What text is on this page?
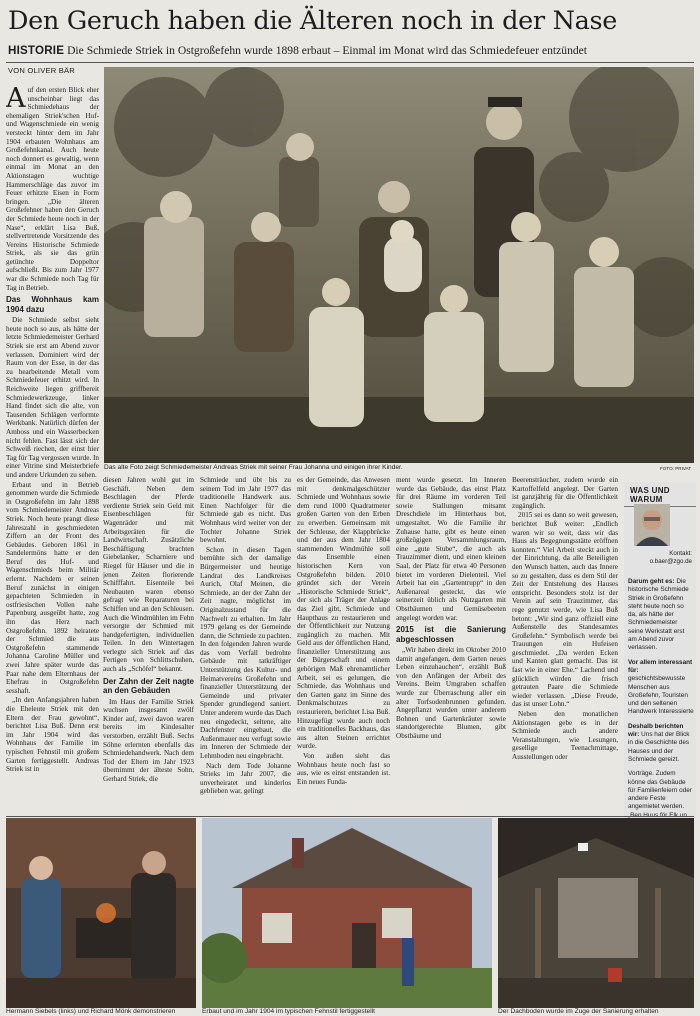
Den Geruch haben die Älteren noch in der Nase
HISTORIE Die Schmiede Striek in Ostgroßefehn wurde 1898 erbaut – Einmal im Monat wird das Schmiedefeuer entzündet
VON OLIVER BÄR

A uf den ersten Blick eher unscheinbar liegt das Schmiedehaus der ehemaligen Striek'schen Huf- und Wagenschmiede ein wenig versteckt hinter dem im Jahr 1904 erbauten Wohnhaus am Großefehnkanal. Auch heute noch donnert es gewaltig, wenn einmal im Monat an den Aktionstagen wuchtige Hammerschläge das zuvor im Feuer erhitzte Eisen in Form bringen. „Die älteren Großefehner haben den Geruch der Schmiede heute noch in der Nase“, erklärt Lisa Buß, stellvertretende Vorsitzende des Vereins Historische Schmiede Striek, als sie das grün getünchte Doppeltor aufschließt. Bis zum Jahr 1977 war die Schmiede noch Tag für Tag in Betrieb.

Das Wohnhaus kam 1904 dazu

Die Schmiede selbst sieht heute noch so aus, als hätte der letzte Schmiedemeister Gerhard Striek sie erst am Abend zuvor verlassen. Dominiert wird der Raum von der Esse, in der das zu bearbeitende Metall vom Schmiedefeuer erhitzt wird. In Reichweite liegen griffbereit Schmiedewerkzeuge, linker Hand findet sich die alte, von Tausenden Schlägen verformte Werkbank. Natürlich dürfen der Amboss und ein Wasserbecken nicht fehlen. Fast lässt sich der Schweiß riechen, der einst hier Tag für Tag vergossen wurde. In einer Vitrine sind Meisterbriefe und andere Urkunden zu sehen.

Erbaut und in Betrieb genommen wurde die Schmiede in Ostgroßefehn im Jahr 1898 vom Schmiedemeister Andreas Striek. Noch heute prangt diese Jahreszahl in geschmiedeten Ziffern an der Front des Gebäudes. Geboren 1861 in Sandelermöns hatte er den Beruf des Huf- und Wagenschmieds beim Militär erlernt. Nachdem er seinen Beruf zunächst in einigen gepachteten Schmieden in ostfriesischen Vollen nahe Papenburg ausgeübt hatte, zog ihn das Herz nach Ostgroßefehn. 1892 heiratete der Schmied die aus Ostgroßefehn stammende Johanna Caroline Müller und zwei Jahre später wurde das Paar nahe dem Elternhaus der Ehefrau in Ostgroßefehn sesshaft.

„In den Anfangsjahren haben die Eheleute Striek mit den Eltern der Frau gewohnt“, berichtet Lisa Buß. Denn erst im Jahr 1904 wird das Wohnhaus der Familie im typischen Fehnstil mit großem Garten fertiggestellt. Andreas Striek ist in

Das alte Foto zeigt Schmiedemeister Andreas Striek mit seiner Frau Johanna und einigen ihrer Kinder.	FOTO: PRIVAT

diesen Jahren wohl gut im Geschäft. Neben dem Beschlagen der Pferde verdiente Striek sein Geld mit Eisenbeschlägen für Wagenräder und mit Arbeitsgeräten für die Landwirtschaft. Zusätzliche Beschäftigung brachten Giebelanker, Scharniere und Riegel für Häuser und die in jenen Zeiten florierende Schifffahrt. Eisenteile bei Neubauten waren ebenso gefragt wie Reparaturen bei Schiffen und an den Schleusen. Auch die Windmühlen im Fehn versorgte der Schmied mit handgefertigten, individuellen Teilen. In den Wintertagen verlegte sich Striek auf das Fertigen von Schlittschuhen, auch als „Schöfel“ bekannt.

Der Zahn der Zeit nagte an den Gebäuden

Im Haus der Familie Striek wuchsen insgesamt zwölf Kinder auf, zwei davon waren bereits im Kindesalter verstorben, erzählt Buß. Sechs Söhne erlernten ebenfalls das Schmiedehandwerk. Nach dem Tod der Eltern im Jahr 1923 übernimmt der älteste Sohn, Gerhard Striek, die

Schmiede und übt bis zu seinem Tod im Jahr 1977 das traditionelle Handwerk aus. Einen Nachfolger für die Schmiede gab es nicht. Das Wohnhaus wird weiter von der Tochter Johanne Striek bewohnt.

Schon in diesen Tagen bemühte sich der damalige Bürgermeister und heutige Landrat des Landkreises Aurich, Olaf Meinen, die Schmiede, an der der Zahn der Zeit nagte, möglichst im Originalzustand für die Nachwelt zu erhalten. Im Jahr 1979 gelang es der Gemeinde dann, die Schmiede zu pachten. In den folgenden Jahren wurde das vom Verfall bedrohte Gebäude mit tatkräftiger Unterstützung des Kultur- und Heimatvereins Großefehn und finanzieller Unterstützung der Gemeinde und privater Spender grundlegend saniert. Unter anderem wurde das Dach neu eingedeckt, seltene, alte Dachfenster eingebaut, die Außenmauer neu verfugt sowie im Inneren der Schmiede der Lehmboden neu eingebracht.

Nach dem Tode Johanne Strieks im Jahr 2007, die unverheiratet und kinderlos geblieben war, gelingt

es der Gemeinde, das Anwesen mit denkmalgeschützter Schmiede und Wohnhaus sowie dem rund 1000 Quadratmeter großen Garten von den Erben zu erwerben. Gemeinsam mit der Schleuse, der Klappbrücke und der aus dem Jahr 1804 stammenden Windmühle soll das Ensemble einen historischen Kern von Ostgroßefehn bilden. 2010 gründet sich der Verein „Historische Schmiede Striek“, der sich als Träger der Anlage das Ziel gibt, Schmiede und Haupthaus zu restaurieren und der Öffentlichkeit zur Nutzung zugänglich zu machen. Mit Geld aus der öffentlichen Hand, finanzieller Unterstützung aus der Bürgerschaft und einem gehörigen Maß ehrenamtlicher Arbeit, sei es gelungen, die Schmiede, das Wohnhaus und den Garten ganz im Sinne des Denkmalschutzes zu restaurieren, berichtet Lisa Buß. Hinzugefügt wurde auch noch ein traditionelles Backhaus, das aus alten Steinen errichtet wurde.

Von außen sieht das Wohnhaus heute noch fast so aus, wie es einst entstanden ist. Ein neues Funda-

ment wurde gesetzt. Im Inneren wurde das Gebäude, das einst Platz für drei Räume im vorderen Teil sowie Stallungen mitsamt Dreschdiele im Hinterhaus bot, umgestaltet. Wo die Familie ihr Zuhause hatte, gibt es heute einen großzügigen Versammlungsraum, eine „gute Stube“, die auch als Trauzimmer dient, und einen kleinen Saal, der Platz für etwa 40 Personen bietet im vorderen Dielenteil. Viel Arbeit hat ein „Gartentrupp“ in den Außenareal gesteckt, das wie seinerzeit üblich als Nutzgarten mit Obstbäumen und Gemüsebeeten angelegt worden war.

2015 ist die Sanierung abgeschlossen

„Wir haben direkt im Oktober 2010 damit angefangen, dem Garten neues Leben einzuhauchen“, erzählt Buß von den Anfängen der Arbeit des Vereins. Beim Umgraben schaffen wurde zur Überraschung aller ein alter Torfsodenbrunnen gefunden. Angepflanzt wurden unter anderem Bohnen und Gartenkräuter sowie standortgerechte Blumen, gibt Obstbäume und

Beerensträucher, zudem wurde ein Kartoffelfeld angelegt. Der Garten ist ganzjährig für die Öffentlichkeit zugänglich.

2015 sei es dann so weit gewesen, berichtet Buß weiter: „Endlich waren wir so weit, dass wir das Haus als Begegnungsstätte eröffnen konnten.“ Viel Arbeit steckt auch in der Einrichtung, da alle Beteiligten den Wunsch hatten, auch das Innere so zu gestalten, dass es dem Stil der Zeit der Entstehung des Hauses entspricht. Besonders stolz ist der Verein auf sein Trauzimmer, das rege genutzt werde, wie Lisa Buß betont: „Wir sind ganz offiziell eine Außenstelle des Standesamtes Großefehn.“ Symbolisch werde bei Trauungen ein Hufeisen geschmiedet. „Da werden Ecken und Kanten glatt gemacht. Das ist fast wie in einer Ehe.“ Lachend und glücklich würden die frisch getrauten Paare die Schmiede wieder verlassen. „Diese Freude, das ist unser Lohn.“

Neben den monatlichen Aktionstagen gebe es in der Schmiede auch andere Veranstaltungen, wie Lesungen, gesellige Teenachmittage, Ausstellungen oder

WAS UND WARUM
Kontakt:
o.baer@zgo.de

Darum geht es: Die historische Schmiede Striek in Großefehn steht heute noch so da, als hätte der Schmiedemeister seine Werkstatt erst am Abend zuvor verlassen.

Vor allem interessant für: geschichtsbewusste Menschen aus Großefehn, Touristen und den seltenen Handwerk Interessierte

Deshalb berichten wir: Uns hat der Blick in die Geschichte des Hauses und der Schmiede gereizt.

Vorträge. Zudem könne das Gebäude für Familienfeiern oder andere Feste angemietet werden.

Hermann Siebels (links) und Richard Mönk demonstrieren	Erbaut und im Jahr 1904 im typischen Fehnstil fertiggestellt	Der Dachboden wurde im Zuge der Sanierung erhalten
